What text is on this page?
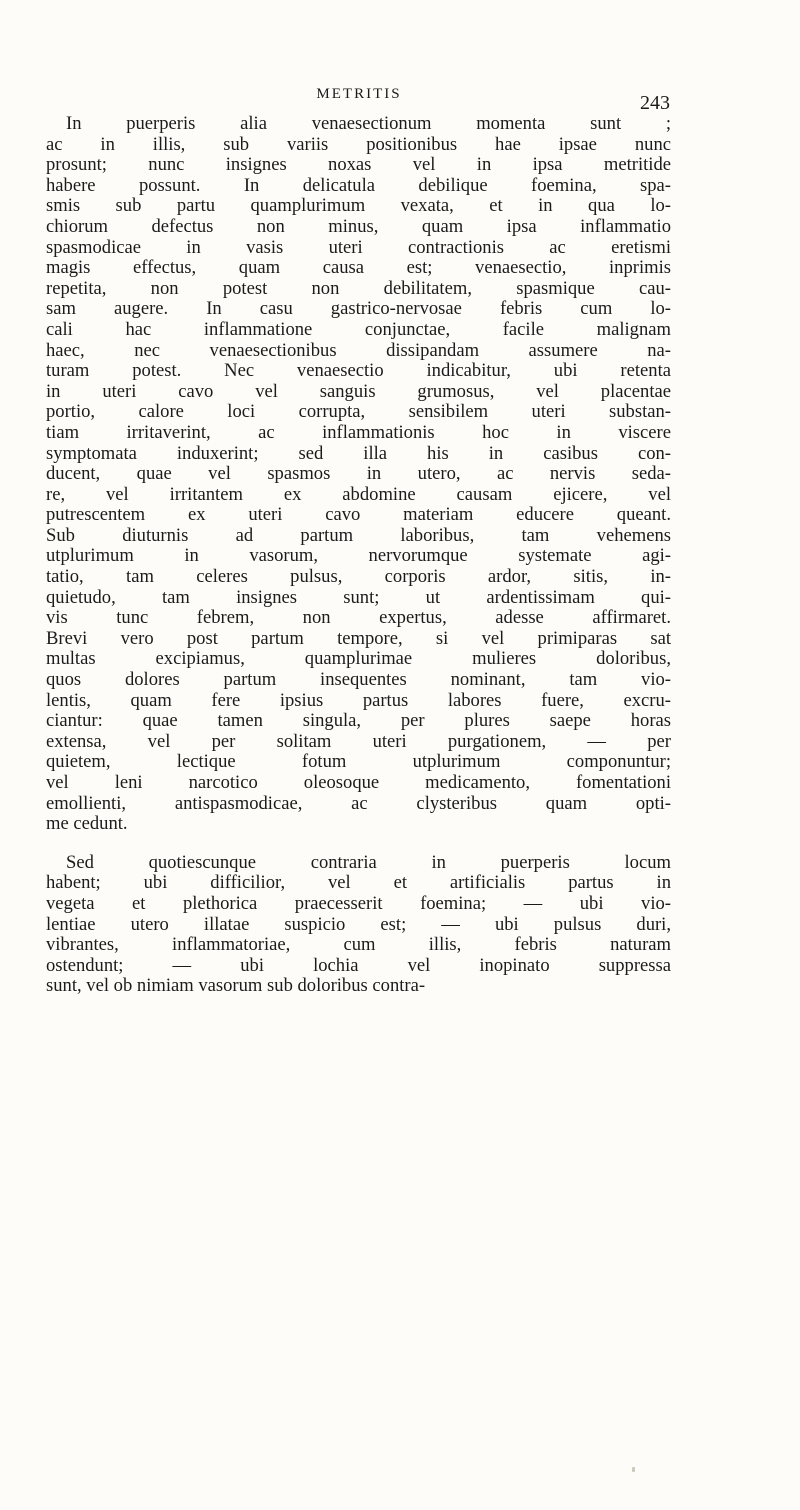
METRITIS	243
In puerperis alia venaesectionum momenta sunt ;
ac in illis, sub variis positionibus hae ipsae nunc
prosunt; nunc insignes noxas vel in ipsa metritide
habere possunt. In delicatula debilique foemina, spa-
smis sub partu quamplurimum vexata, et in qua lo-
chiorum defectus non minus, quam ipsa inflammatio
spasmodicae in vasis uteri contractionis ac eretismi
magis effectus, quam causa est; venaesectio, inprimis
repetita, non potest non debilitatem, spasmique cau-
sam augere. In casu gastrico-nervosae febris cum lo-
cali hac inflammatione conjunctae, facile malignam
haec, nec venaesectionibus dissipandam assumere na-
turam potest. Nec venaesectio indicabitur, ubi retenta
in uteri cavo vel sanguis grumosus, vel placentae
portio, calore loci corrupta, sensibilem uteri substan-
tiam irritaverint, ac inflammationis hoc in viscere
symptomata induxerint; sed illa his in casibus con-
ducent, quae vel spasmos in utero, ac nervis seda-
re, vel irritantem ex abdomine causam ejicere, vel
putrescentem ex uteri cavo materiam educere queant.
Sub diuturnis ad partum laboribus, tam vehemens
utplurimum in vasorum, nervorumque systemate agi-
tatio, tam celeres pulsus, corporis ardor, sitis, in-
quietudo, tam insignes sunt; ut ardentissimam qui-
vis tunc febrem, non expertus, adesse affirmaret.
Brevi vero post partum tempore, si vel primiparas sat
multas excipiamus, quamplurimae mulieres doloribus,
quos dolores partum insequentes nominant, tam vio-
lentis, quam fere ipsius partus labores fuere, excru-
ciantur: quae tamen singula, per plures saepe horas
extensa, vel per solitam uteri purgationem, — per
quietem, lectique fotum utplurimum componuntur;
vel leni narcotico oleosoque medicamento, fomentationi
emollienti, antispasmodicae, ac clysteribus quam opti-
me cedunt.
Sed quotiescunque contraria in puerperis locum
habent; ubi difficilior, vel et artificialis partus in
vegeta et plethorica praecesserit foemina; — ubi vio-
lentiae utero illatae suspicio est; — ubi pulsus duri,
vibrantes, inflammatoriae, cum illis, febris naturam
ostendunt; — ubi lochia vel inopinato suppressa
sunt, vel ob nimiam vasorum sub doloribus contra-
